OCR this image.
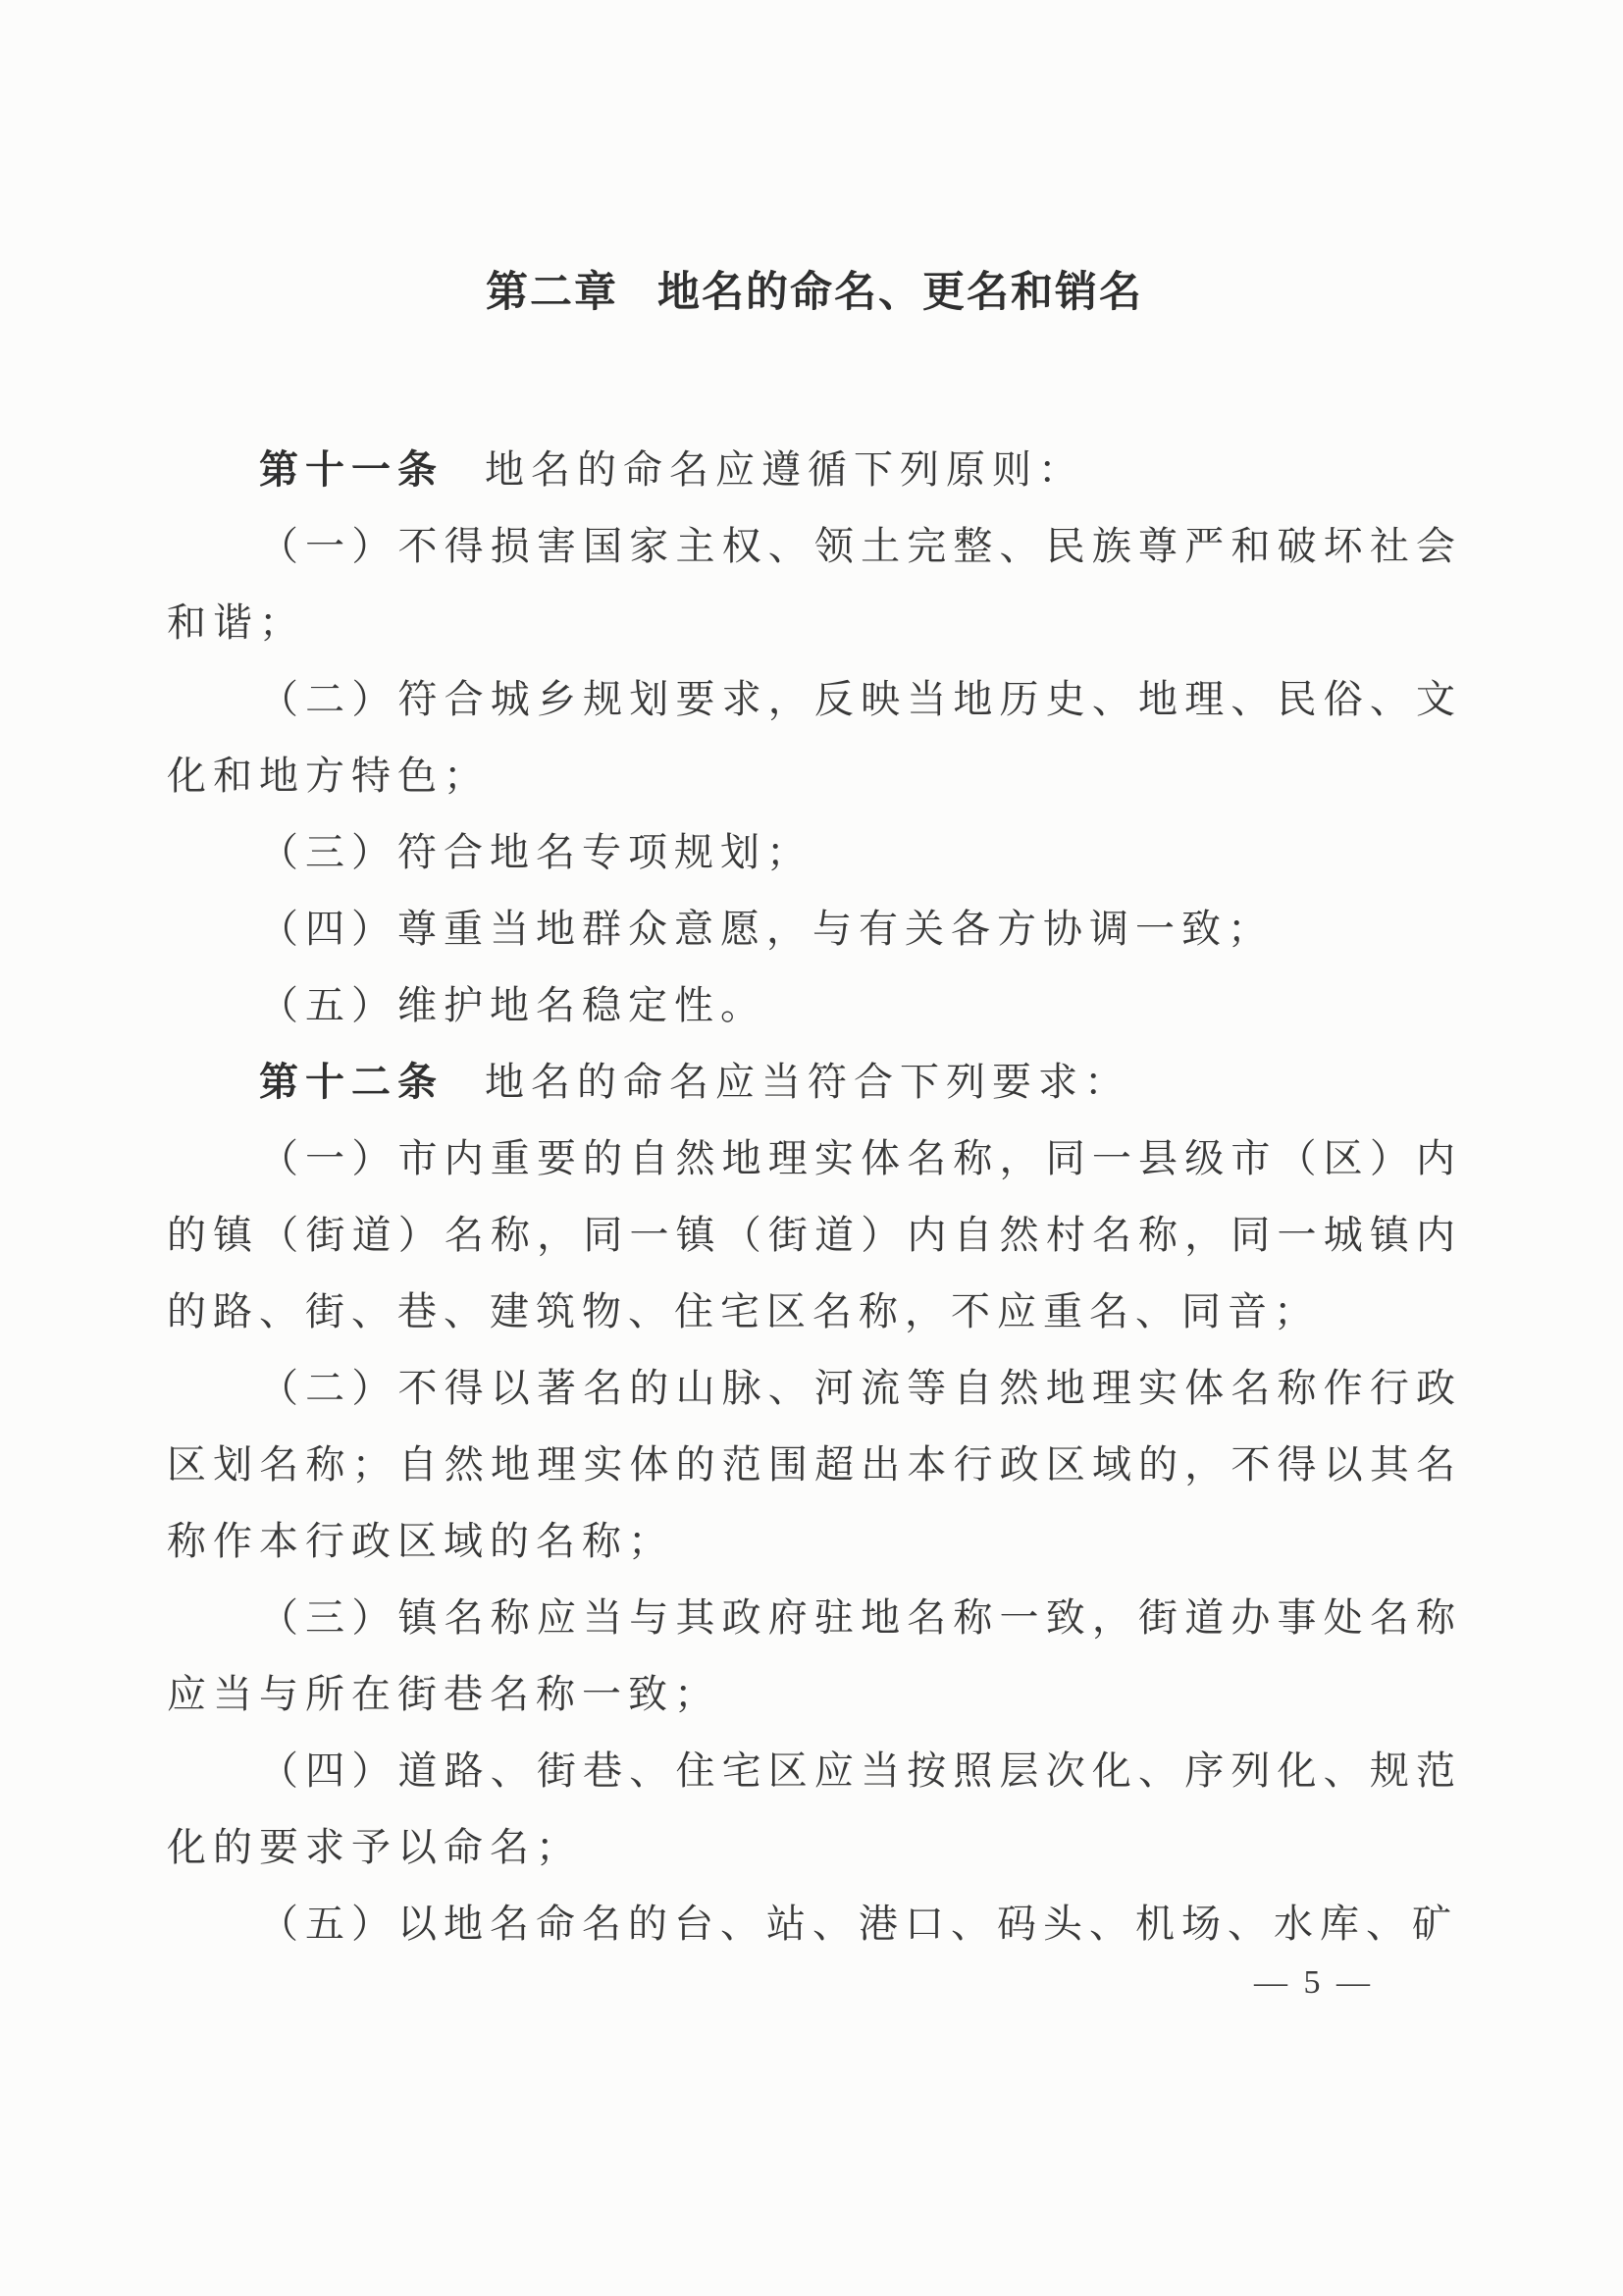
第二章 地名的命名、更名和销名

第十一条 地名的命名应遵循下列原则：

（一）不得损害国家主权、领土完整、民族尊严和破坏社会和谐；

（二）符合城乡规划要求，反映当地历史、地理、民俗、文化和地方特色；

（三）符合地名专项规划；

（四）尊重当地群众意愿，与有关各方协调一致；

（五）维护地名稳定性。

第十二条 地名的命名应当符合下列要求：

（一）市内重要的自然地理实体名称，同一县级市（区）内的镇（街道）名称，同一镇（街道）内自然村名称，同一城镇内的路、街、巷、建筑物、住宅区名称，不应重名、同音；

（二）不得以著名的山脉、河流等自然地理实体名称作行政区划名称；自然地理实体的范围超出本行政区域的，不得以其名称作本行政区域的名称；

（三）镇名称应当与其政府驻地名称一致，街道办事处名称应当与所在街巷名称一致；

（四）道路、街巷、住宅区应当按照层次化、序列化、规范化的要求予以命名；

（五）以地名命名的台、站、港口、码头、机场、水库、矿

— 5 —
